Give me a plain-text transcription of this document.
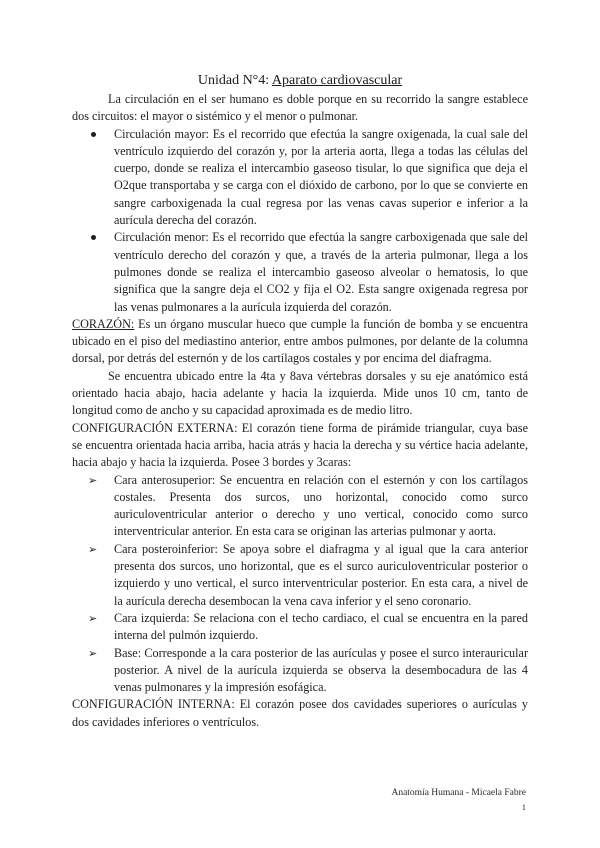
Unidad N°4: Aparato cardiovascular

La circulación en el ser humano es doble porque en su recorrido la sangre establece dos circuitos: el mayor o sistémico y el menor o pulmonar.

Circulación mayor: Es el recorrido que efectúa la sangre oxigenada, la cual sale del ventrículo izquierdo del corazón y, por la arteria aorta, llega a todas las células del cuerpo, donde se realiza el intercambio gaseoso tisular, lo que significa que deja el O2que transportaba y se carga con el dióxido de carbono, por lo que se convierte en sangre carboxigenada la cual regresa por las venas cavas superior e inferior a la aurícula derecha del corazón.
Circulación menor: Es el recorrido que efectúa la sangre carboxigenada que sale del ventrículo derecho del corazón y que, a través de la arteria pulmonar, llega a los pulmones donde se realiza el intercambio gaseoso alveolar o hematosis, lo que significa que la sangre deja el CO2 y fija el O2. Esta sangre oxigenada regresa por las venas pulmonares a la aurícula izquierda del corazón.

CORAZÓN: Es un órgano muscular hueco que cumple la función de bomba y se encuentra ubicado en el piso del mediastino anterior, entre ambos pulmones, por delante de la columna dorsal, por detrás del esternón y de los cartílagos costales y por encima del diafragma.

Se encuentra ubicado entre la 4ta y 8ava vértebras dorsales y su eje anatómico está orientado hacia abajo, hacia adelante y hacia la izquierda. Mide unos 10 cm, tanto de longitud como de ancho y su capacidad aproximada es de medio litro.

CONFIGURACIÓN EXTERNA: El corazón tiene forma de pirámide triangular, cuya base se encuentra orientada hacia arriba, hacia atrás y hacia la derecha y su vértice hacia adelante, hacia abajo y hacia la izquierda. Posee 3 bordes y 3caras:

➢ Cara anterosuperior: Se encuentra en relación con el esternón y con los cartílagos costales. Presenta dos surcos, uno horizontal, conocido como surco auriculoventricular anterior o derecho y uno vertical, conocido como surco interventricular anterior. En esta cara se originan las arterias pulmonar y aorta.
➢ Cara posteroinferior: Se apoya sobre el diafragma y al igual que la cara anterior presenta dos surcos, uno horizontal, que es el surco auriculoventricular posterior o izquierdo y uno vertical, el surco interventricular posterior. En esta cara, a nivel de la aurícula derecha desembocan la vena cava inferior y el seno coronario.
➢ Cara izquierda: Se relaciona con el techo cardiaco, el cual se encuentra en la pared interna del pulmón izquierdo.
➢ Base: Corresponde a la cara posterior de las aurículas y posee el surco interauricular posterior. A nivel de la aurícula izquierda se observa la desembocadura de las 4 venas pulmonares y la impresión esofágica.

CONFIGURACIÓN INTERNA: El corazón posee dos cavidades superiores o aurículas y dos cavidades inferiores o ventrículos.

Anatomía Humana - Micaela Fabre
1
